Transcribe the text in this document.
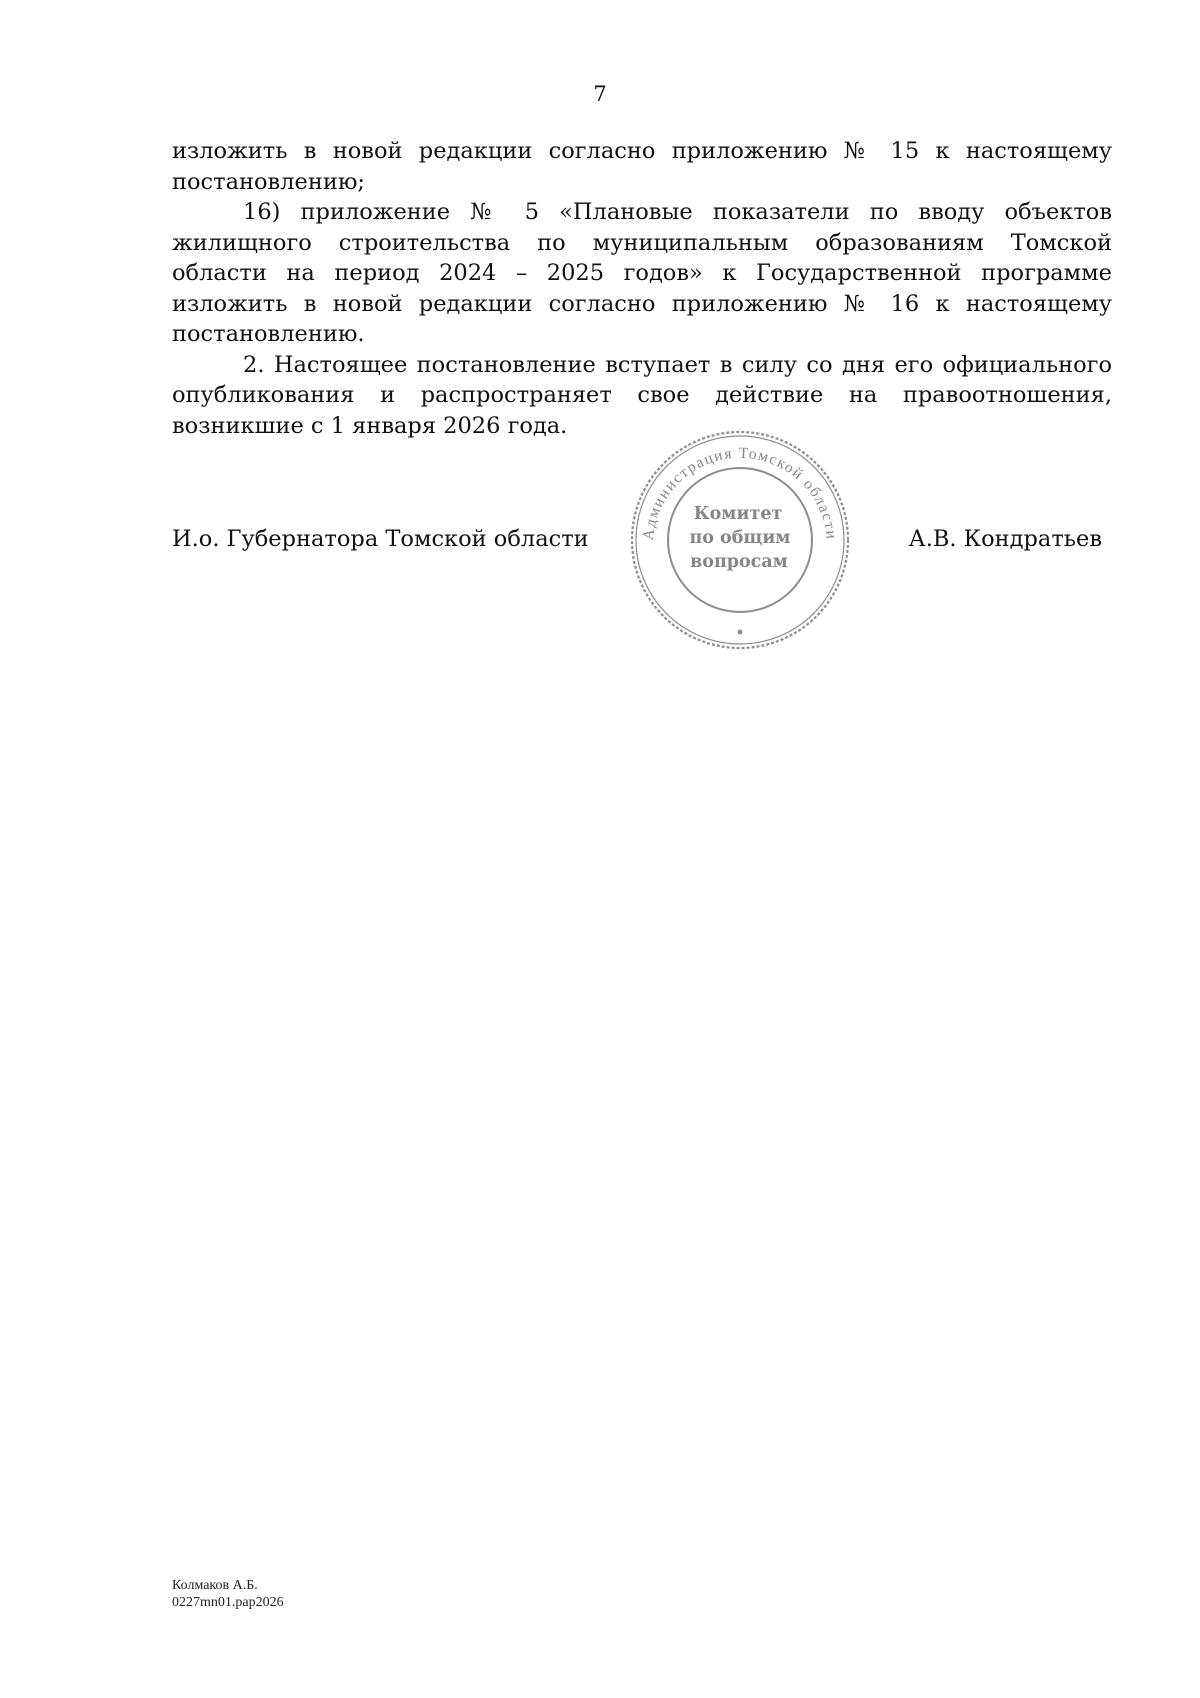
7

изложить в новой редакции согласно приложению № 15 к настоящему постановлению;

16) приложение № 5 «Плановые показатели по вводу объектов жилищного строительства по муниципальным образованиям Томской области на период 2024 – 2025 годов» к Государственной программе изложить в новой редакции согласно приложению № 16 к настоящему постановлению.

2. Настоящее постановление вступает в силу со дня его официального опубликования и распространяет свое действие на правоотношения, возникшие с 1 января 2026 года.

И.о. Губернатора Томской области	А.В. Кондратьев
Администрация Томской области
Комитет
по общим
вопросам
Колмаков А.Б.
0227mn01.pap2026
